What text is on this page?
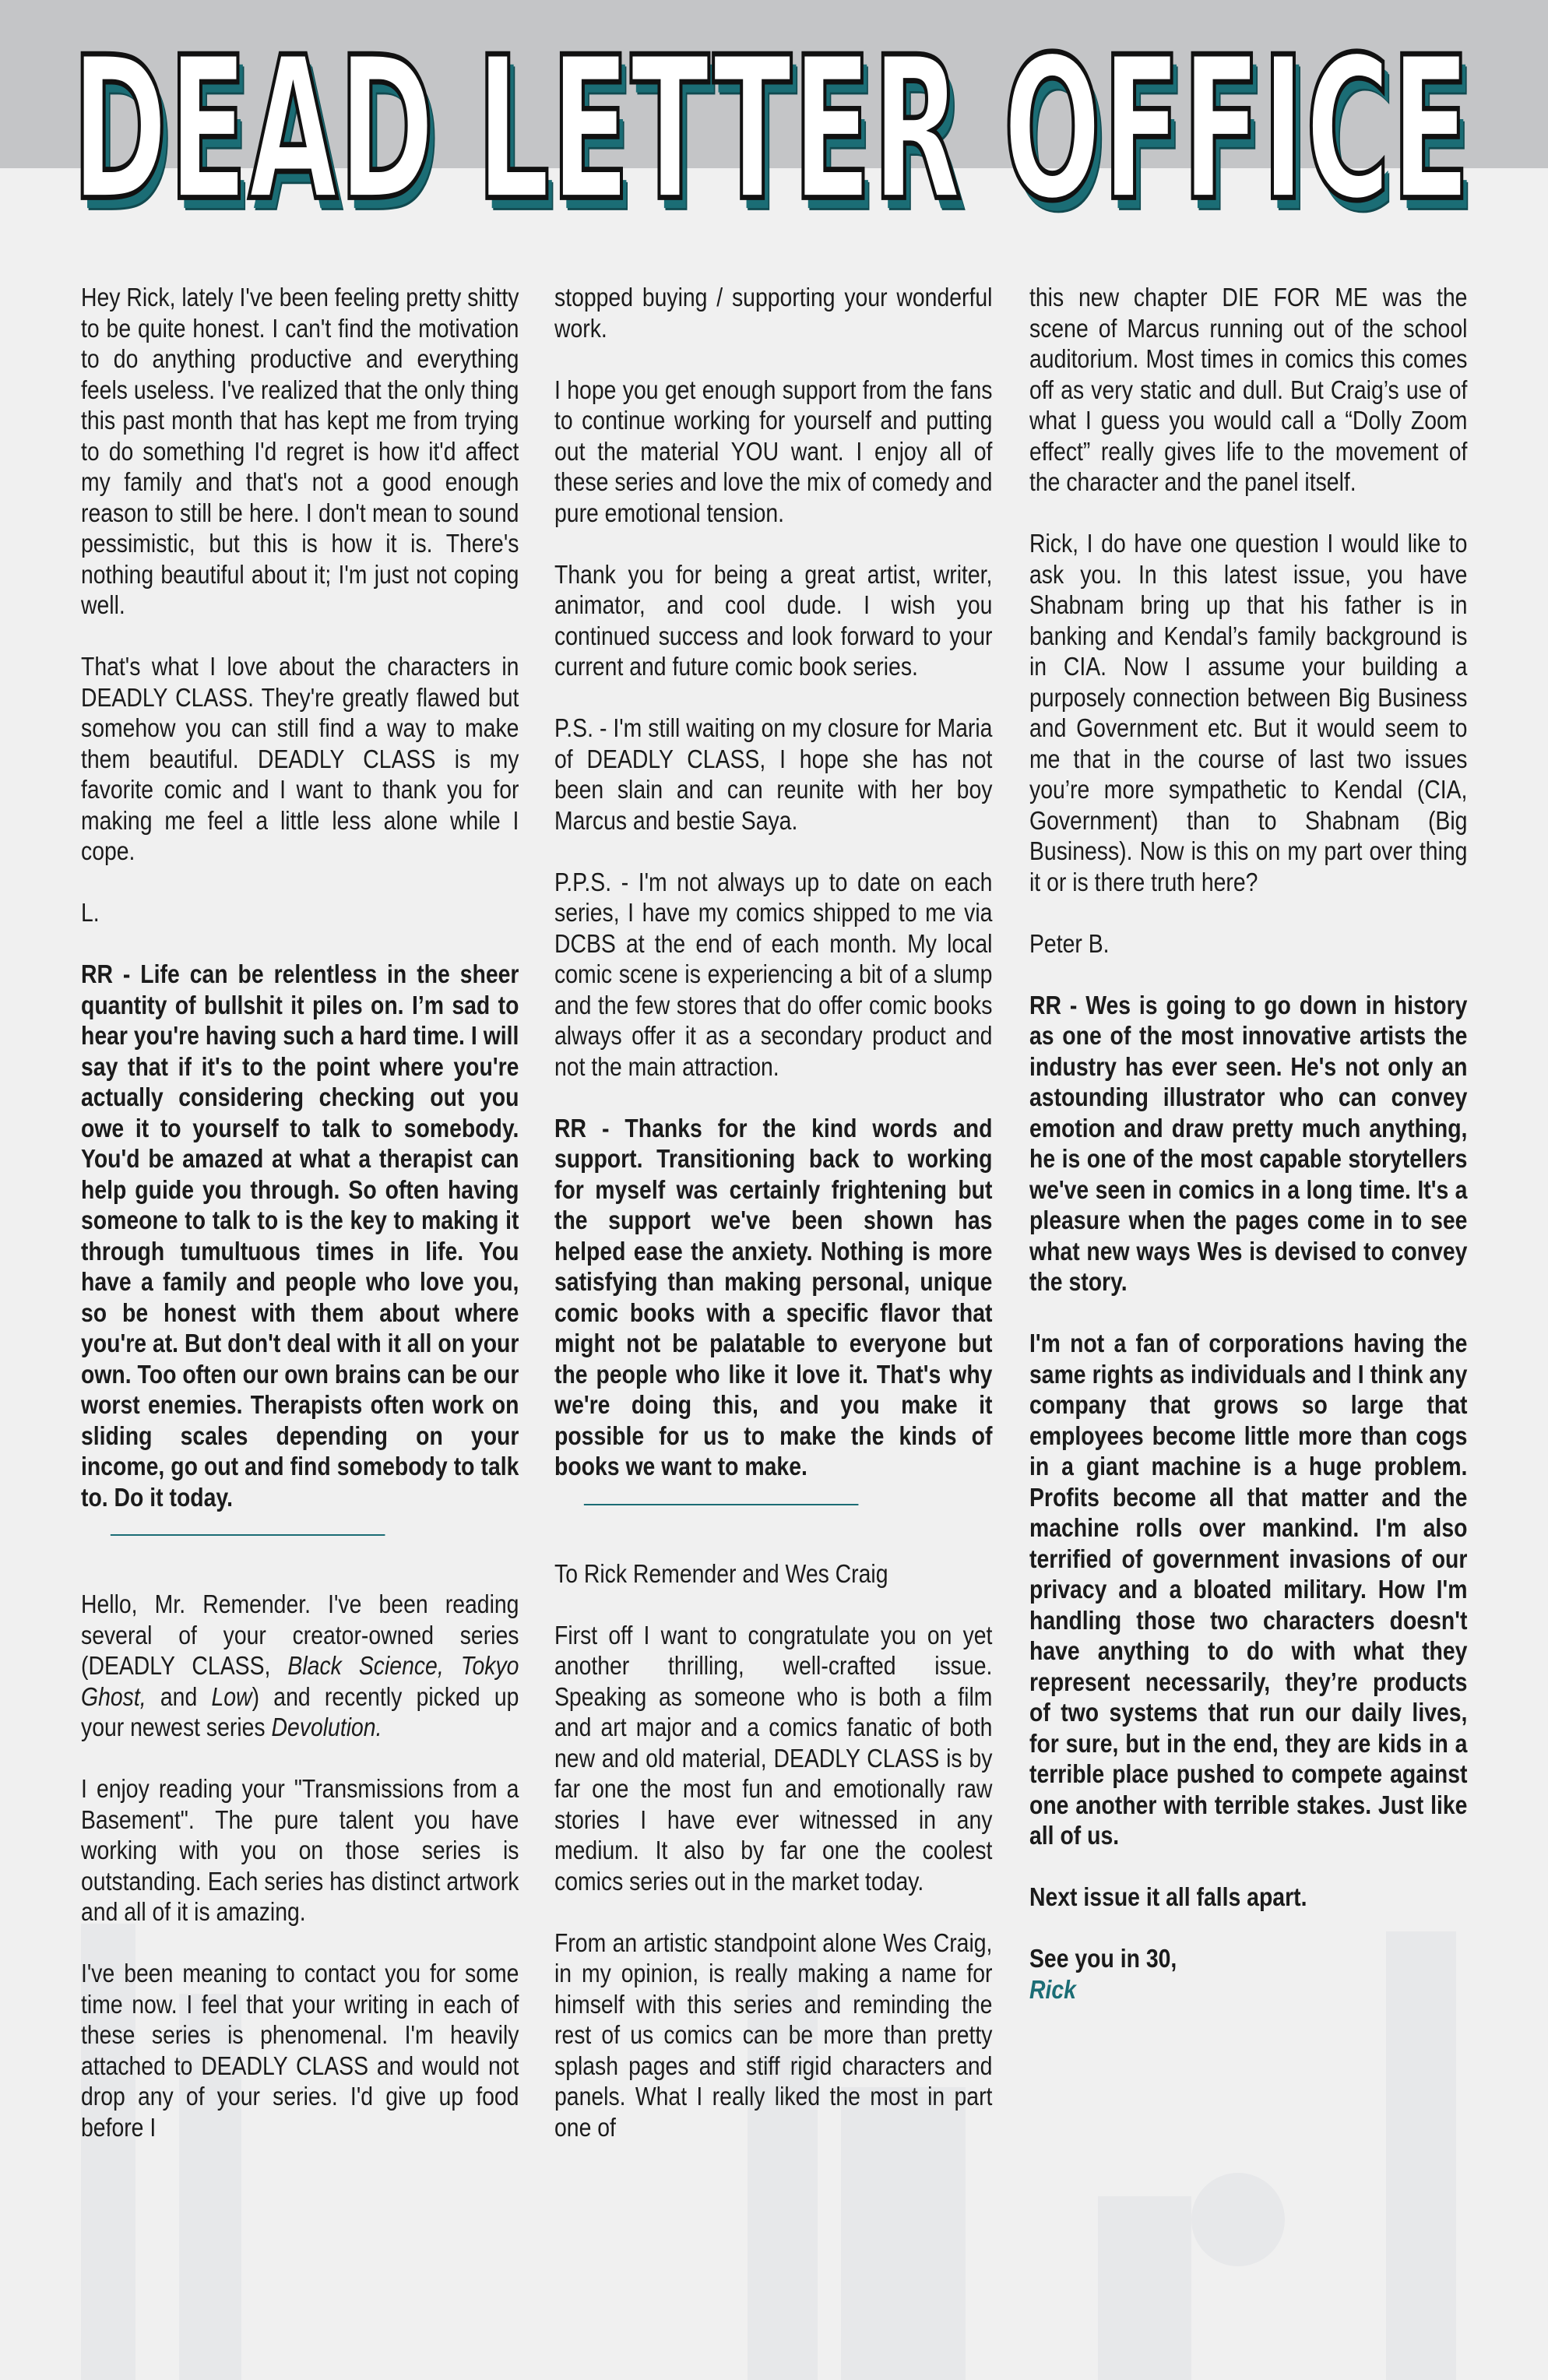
DEAD LETTER OFFICE

Hey Rick, lately I've been feeling pretty shitty to be quite honest. I can't find the motivation to do anything productive and everything feels useless. I've realized that the only thing this past month that has kept me from trying to do something I'd regret is how it'd affect my family and that's not a good enough reason to still be here. I don't mean to sound pessimistic, but this is how it is. There's nothing beautiful about it; I'm just not coping well.

That's what I love about the characters in DEADLY CLASS. They're greatly flawed but somehow you can still find a way to make them beautiful. DEADLY CLASS is my favorite comic and I want to thank you for making me feel a little less alone while I cope.

L.

RR - Life can be relentless in the sheer quantity of bullshit it piles on. I’m sad to hear you're having such a hard time. I will say that if it's to the point where you're actually considering checking out you owe it to yourself to talk to somebody. You'd be amazed at what a therapist can help guide you through. So often having someone to talk to is the key to making it through tumultuous times in life. You have a family and people who love you, so be honest with them about where you're at. But don't deal with it all on your own. Too often our own brains can be our worst enemies. Therapists often work on sliding scales depending on your income, go out and find somebody to talk to. Do it today.

Hello, Mr. Remender. I've been reading several of your creator-owned series (DEADLY CLASS, Black Science, Tokyo Ghost, and Low) and recently picked up your newest series Devolution.

I enjoy reading your "Transmissions from a Basement". The pure talent you have working with you on those series is outstanding. Each series has distinct artwork and all of it is amazing.

I've been meaning to contact you for some time now. I feel that your writing in each of these series is phenomenal. I'm heavily attached to DEADLY CLASS and would not drop any of your series. I'd give up food before I

stopped buying / supporting your wonderful work.

I hope you get enough support from the fans to continue working for yourself and putting out the material YOU want. I enjoy all of these series and love the mix of comedy and pure emotional tension.

Thank you for being a great artist, writer, animator, and cool dude. I wish you continued success and look forward to your current and future comic book series.

P.S. - I'm still waiting on my closure for Maria of DEADLY CLASS, I hope she has not been slain and can reunite with her boy Marcus and bestie Saya.

P.P.S. - I'm not always up to date on each series, I have my comics shipped to me via DCBS at the end of each month. My local comic scene is experiencing a bit of a slump and the few stores that do offer comic books always offer it as a secondary product and not the main attraction.

RR - Thanks for the kind words and support. Transitioning back to working for myself was certainly frightening but the support we've been shown has helped ease the anxiety. Nothing is more satisfying than making personal, unique comic books with a specific flavor that might not be palatable to everyone but the people who like it love it. That's why we're doing this, and you make it possible for us to make the kinds of books we want to make.

To Rick Remender and Wes Craig

First off I want to congratulate you on yet another thrilling, well-crafted issue. Speaking as someone who is both a film and art major and a comics fanatic of both new and old material, DEADLY CLASS is by far one the most fun and emotionally raw stories I have ever witnessed in any medium. It also by far one the coolest comics series out in the market today.

From an artistic standpoint alone Wes Craig, in my opinion, is really making a name for himself with this series and reminding the rest of us comics can be more than pretty splash pages and stiff rigid characters and panels. What I really liked the most in part one of

this new chapter DIE FOR ME was the scene of Marcus running out of the school auditorium. Most times in comics this comes off as very static and dull. But Craig’s use of what I guess you would call a “Dolly Zoom effect” really gives life to the movement of the character and the panel itself.

Rick, I do have one question I would like to ask you. In this latest issue, you have Shabnam bring up that his father is in banking and Kendal’s family background is in CIA. Now I assume your building a purposely connection between Big Business and Government etc. But it would seem to me that in the course of last two issues you’re more sympathetic to Kendal (CIA, Government) than to Shabnam (Big Business). Now is this on my part over thing it or is there truth here?

Peter B.

RR - Wes is going to go down in history as one of the most innovative artists the industry has ever seen. He's not only an astounding illustrator who can convey emotion and draw pretty much anything, he is one of the most capable storytellers we've seen in comics in a long time. It's a pleasure when the pages come in to see what new ways Wes is devised to convey the story.

I'm not a fan of corporations having the same rights as individuals and I think any company that grows so large that employees become little more than cogs in a giant machine is a huge problem. Profits become all that matter and the machine rolls over mankind. I'm also terrified of government invasions of our privacy and a bloated military. How I'm handling those two characters doesn't have anything to do with what they represent necessarily, they’re products of two systems that run our daily lives, for sure, but in the end, they are kids in a terrible place pushed to compete against one another with terrible stakes. Just like all of us.

Next issue it all falls apart.

See you in 30,
Rick
